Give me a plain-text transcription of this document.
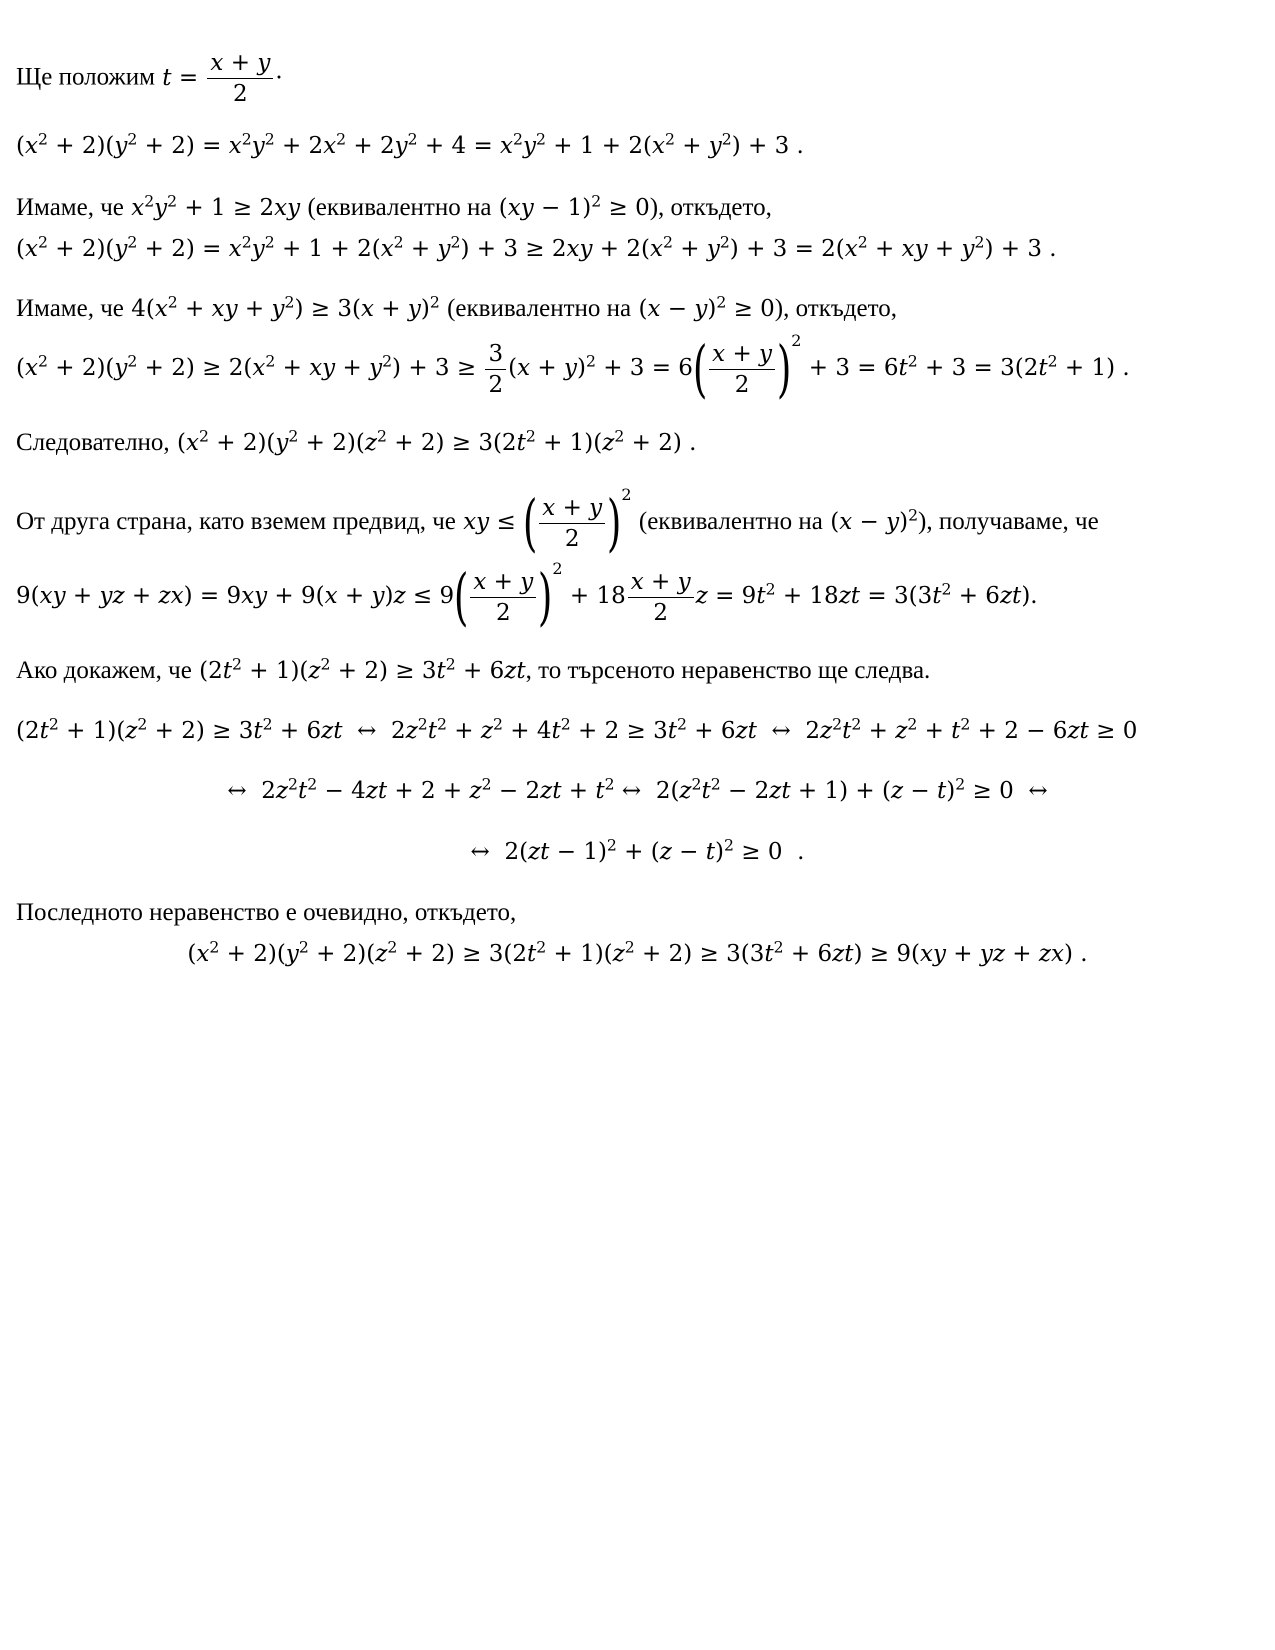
Ще положим $t = \frac{x + y}{2}$ ·
$(x^2 + 2)(y^2 + 2) = x^2y^2 + 2x^2 + 2y^2 + 4 = x^2y^2 + 1 + 2(x^2 + y^2) + 3$ .
Имаме, че $x^2y^2 + 1 \ge 2xy$ (еквивалентно на (xy − 1)$^2$ ≥ 0), откъдето,
$(x^2 + 2)(y^2 + 2) = x^2y^2 + 1 + 2(x^2 + y^2) + 3 \ge 2xy + 2(x^2 + y^2) + 3 = 2(x^2$ + xy + $y^2) + 3$ .
Имаме, че $4(x^2$ + xy + $y^2) \ge 3(x + y)^2$ (еквивалентно на $(x - y)^2 \ge 0$), откъдето,
$(x^2 + 2)(y^2 + 2) \ge 2(x^2$ + xy + $y^2) + 3 \ge \frac{3}{2} (x + y)^2 + 3 = 6( \frac{x + y}{2} )2 + 3 = 6t^2 + 3 = 3(2t^2 + 1)$ .
Следователно, $(x^2 + 2)(y^2 + 2)(z^2 + 2) \ge 3(2t^2 + 1)(z^2 + 2)$ .
От друга страна, като вземем предвид, че xy ≤ ( $\frac{x + y}{2} )2$ (еквивалентно на $(x - y)^2$), получаваме, че
9(xy + yz + $zx) = 9xy + 9(x + y)z \le 9( \frac{x + y}{2} )2 + 18 \frac{x + y}{2}$ $z = 9t^2 + 18zt = 3(3t^2 + 6zt)$.
Ако докажем, че $(2t^2 + 1)(z^2 + 2) \ge 3t^2 + 6zt$, то търсеното неравенство ще следва.
$(2t^2 + 1)(z^2 + 2) \ge 3t^2 + 6zt$  ↔  $2z^2t^2 + z^2 + 4t^2 + 2 \ge 3t^2 + 6zt$  ↔  $2z^2t^2 + z^2 + t^2 + 2 - 6zt \ge 0$
↔  $2z^2t^2 - 4zt + 2 + z^2 - 2zt + t^2$ ↔  $2(z^2t^2 - 2zt + 1) + (z - t)^2 \ge 0$  ↔
↔  $2(zt - 1)^2 + (z - t)^2 \ge 0$  .
Последното неравенство е очевидно, откъдето,
$(x^2 + 2)(y^2 + 2)(z^2 + 2) \ge 3(2t^2 + 1)(z^2 + 2) \ge 3(3t^2 + 6zt) \ge 9(xy$ + yz + zx) .
